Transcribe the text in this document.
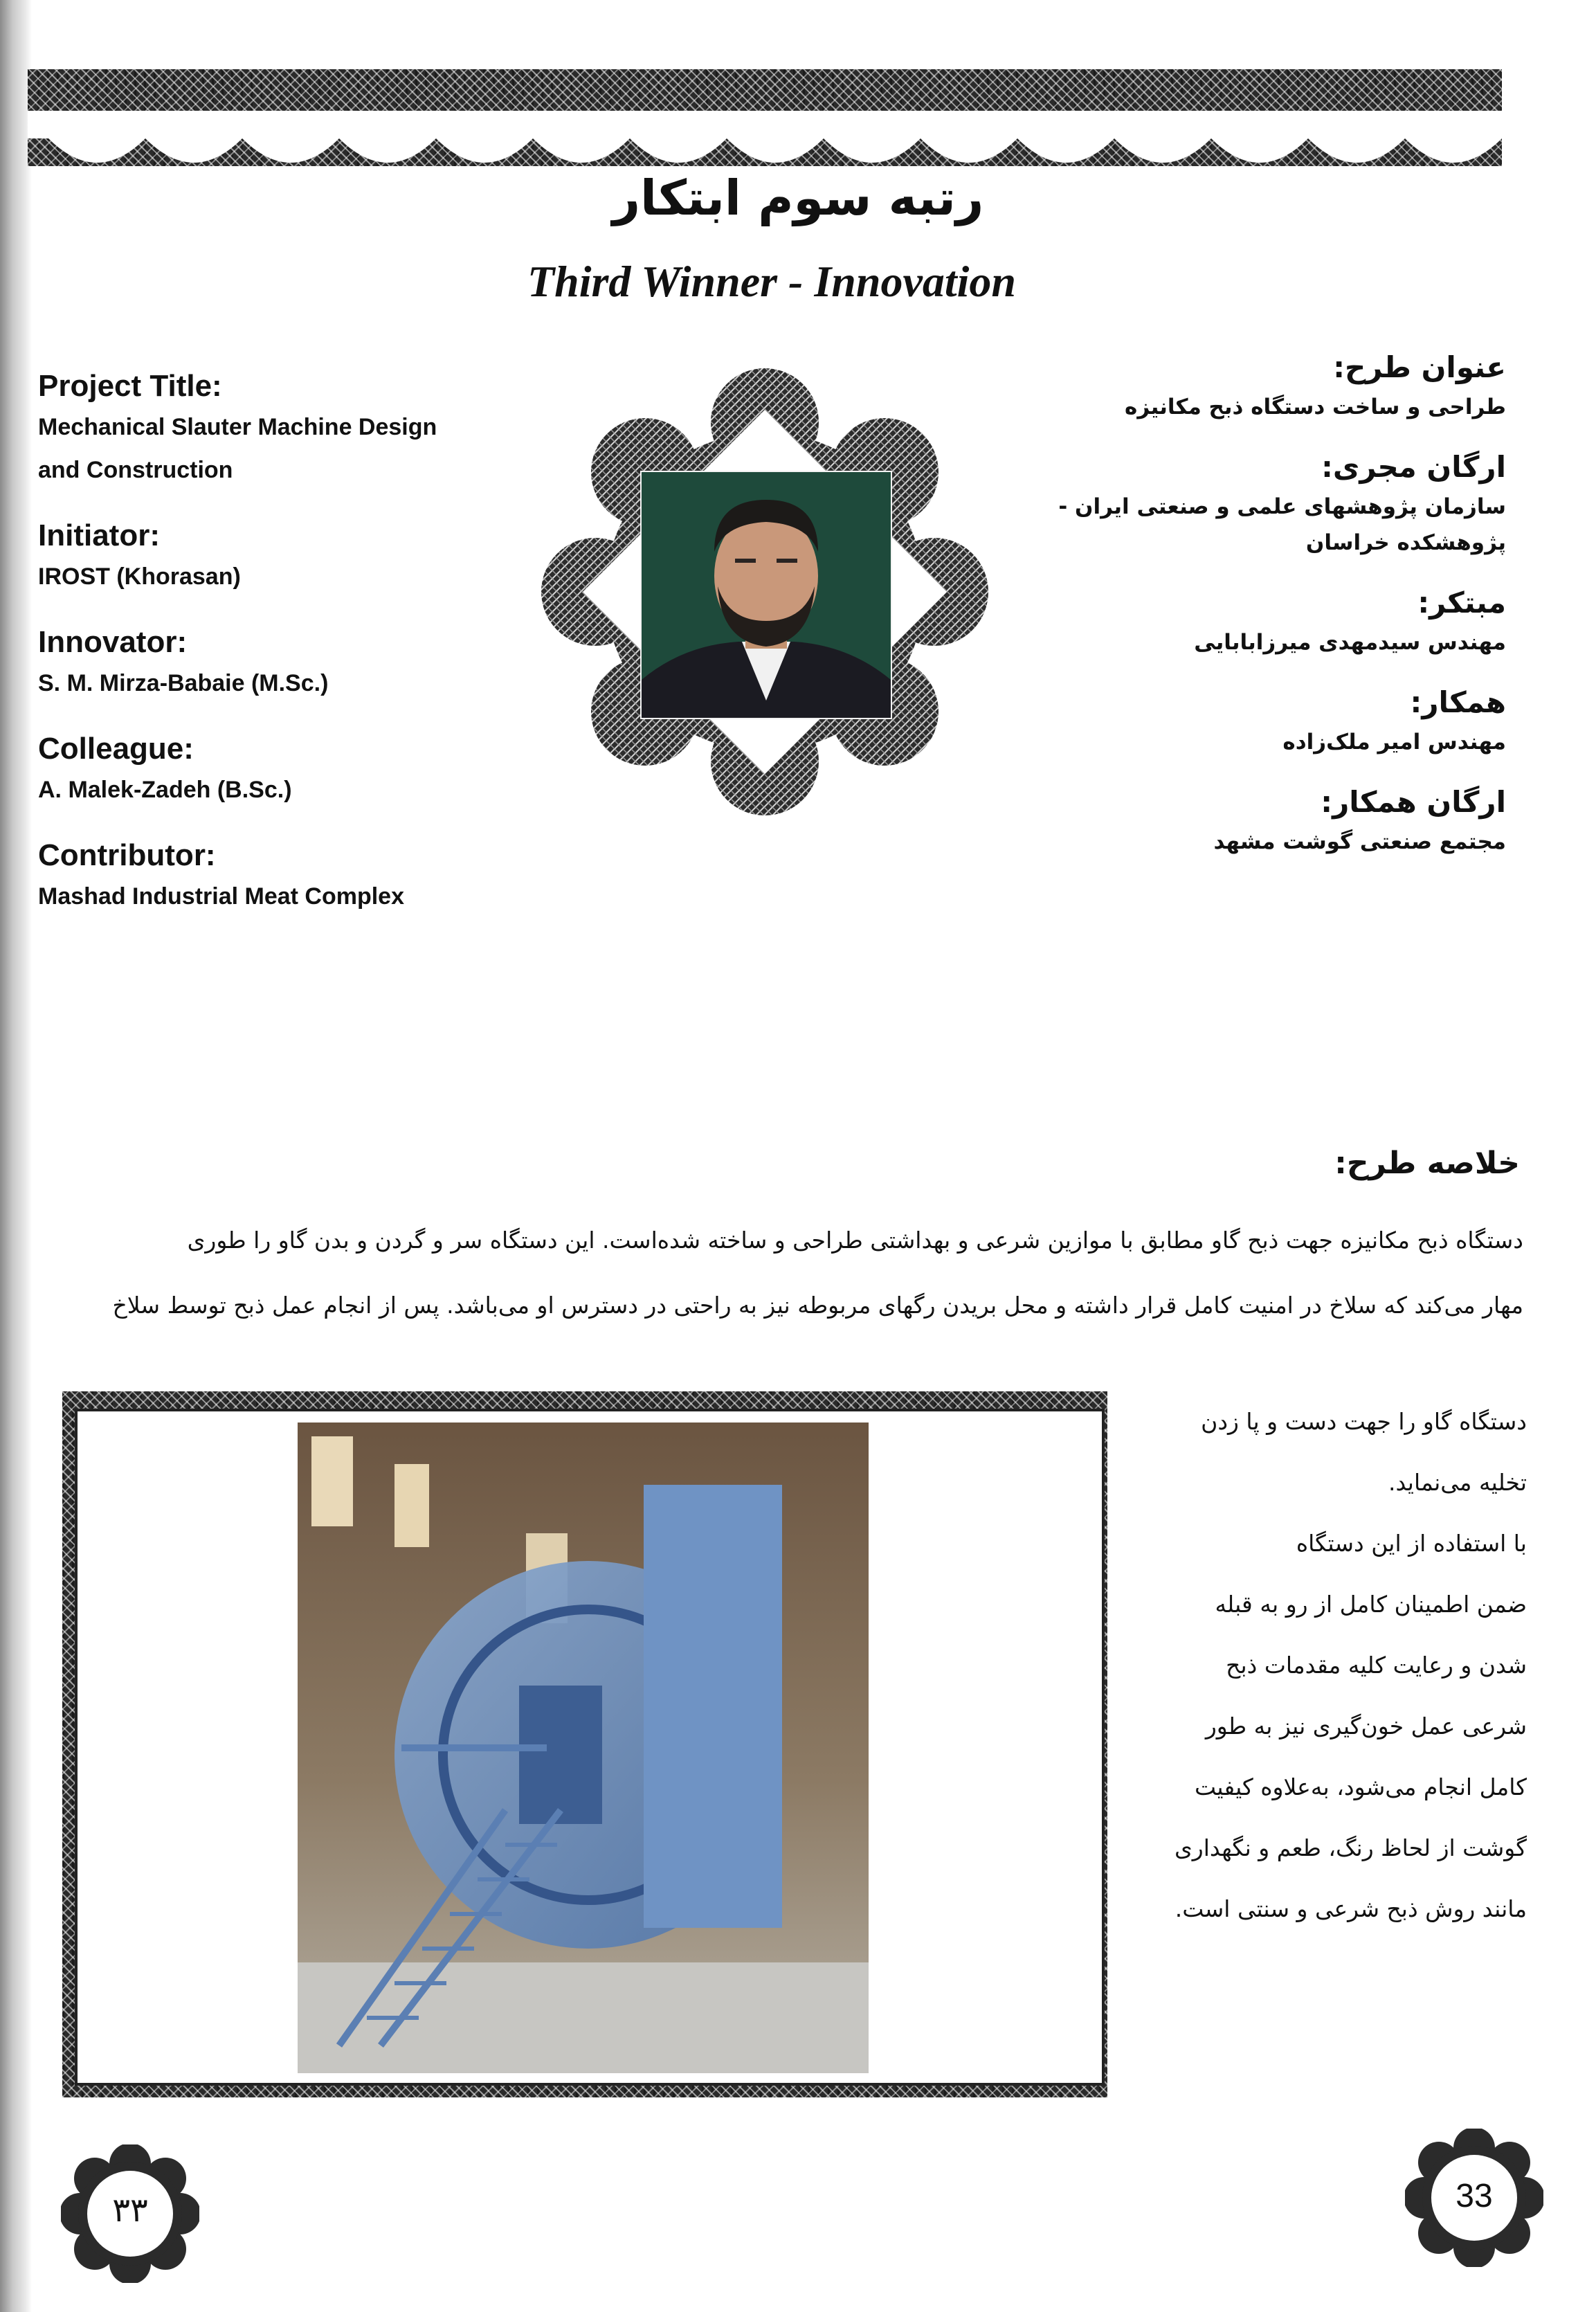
رتبه سوم ابتکار
Third Winner - Innovation
Project Title:
Mechanical Slauter Machine Design
and Construction
Initiator:
IROST (Khorasan)
Innovator:
S. M. Mirza-Babaie (M.Sc.)
Colleague:
A. Malek-Zadeh (B.Sc.)
Contributor:
Mashad Industrial Meat Complex
عنوان طرح:
طراحی و ساخت دستگاه ذبح مکانیزه
ارگان مجری:
سازمان پژوهشهای علمی و صنعتی ایران -
پژوهشکده خراسان
مبتکر:
مهندس سیدمهدی میرزابابایی
همکار:
مهندس امیر ملک‌زاده
ارگان همکار:
مجتمع صنعتی گوشت مشهد
خلاصه طرح:
دستگاه ذبح مکانیزه جهت ذبح گاو مطابق با موازین شرعی و بهداشتی طراحی و ساخته شده‌است. این دستگاه سر و گردن و بدن گاو را طوری
مهار می‌کند که سلاخ در امنیت کامل قرار داشته و محل بریدن رگهای مربوطه نیز به راحتی در دسترس او می‌باشد. پس از انجام عمل ذبح توسط سلاخ
دستگاه گاو را جهت دست و پا زدن
تخلیه می‌نماید.
با استفاده از این دستگاه
ضمن اطمینان کامل از رو به قبله
شدن و رعایت کلیه مقدمات ذبح
شرعی عمل خون‌گیری نیز به طور
کامل انجام می‌شود، به‌علاوه کیفیت
گوشت از لحاظ رنگ، طعم و نگهداری
مانند روش ذبح شرعی و سنتی است.
۳۳	33
